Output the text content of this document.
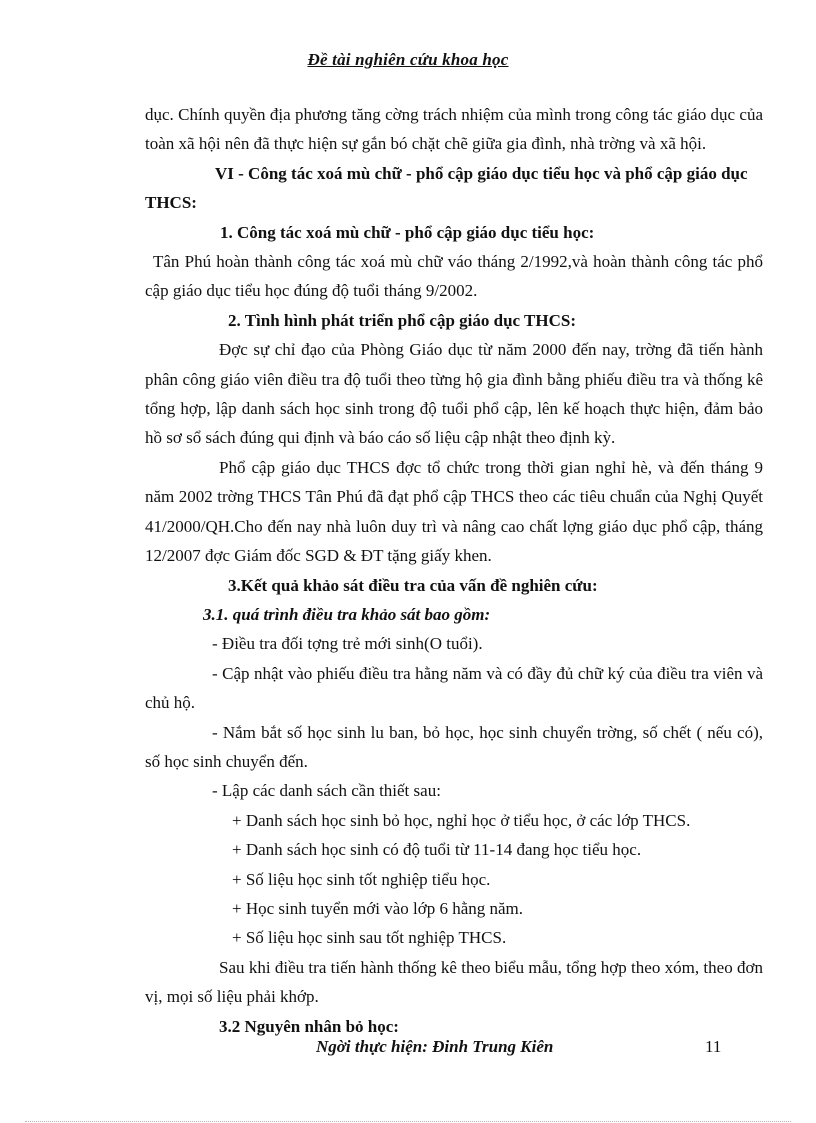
Đề tài nghiên cứu khoa học

dục. Chính quyền địa phương tăng cờng trách nhiệm của mình trong công tác giáo dục của toàn xã hội nên đã thực hiện sự gắn bó chặt chẽ giữa gia đình, nhà trờng và xã hội.

VI - Công tác xoá mù chữ - phổ cập giáo dục tiểu học và phổ cập giáo dục THCS:

1. Công tác xoá mù chữ - phổ cập giáo dục tiểu học:

Tân Phú hoàn thành công tác xoá mù chữ váo tháng 2/1992,và hoàn thành công tác phổ cập giáo dục tiểu học đúng độ tuổi tháng 9/2002.

2. Tình hình phát triển phổ cập giáo dục THCS:

Đợc sự chỉ đạo của Phòng Giáo dục từ năm 2000 đến nay, trờng đã tiến hành phân công giáo viên điều tra độ tuổi theo từng hộ gia đình bằng phiếu điều tra và thống kê tổng hợp, lập danh sách học sinh trong độ tuổi phổ cập, lên kế hoạch thực hiện, đảm bảo hồ sơ sổ sách đúng qui định và báo cáo số liệu cập nhật theo định kỳ.

Phổ cập giáo dục THCS đợc tổ chức trong thời gian nghỉ hè, và đến tháng 9 năm 2002 trờng THCS Tân Phú đã đạt phổ cập THCS theo các tiêu chuẩn của Nghị Quyết 41/2000/QH.Cho đến nay nhà luôn duy trì và nâng cao chất lợng giáo dục phổ cập, tháng 12/2007 đợc Giám đốc SGD & ĐT tặng giấy khen.

3.Kết quả khảo sát điều tra của vấn đề nghiên cứu:

3.1. quá trình điều tra khảo sát bao gồm:

- Điều tra đối tợng trẻ mới sinh(O tuổi).

- Cập nhật vào phiếu điều tra hằng năm và có đầy đủ chữ ký của điều tra viên và chủ hộ.

- Nắm bắt số học sinh lu ban, bỏ học, học sinh chuyển trờng, số chết ( nếu có), số học sinh chuyển đến.

- Lập các danh sách cần thiết sau:

+ Danh sách học sinh bỏ học, nghỉ học ở tiểu học, ở các lớp THCS.

+ Danh sách học sinh có độ tuổi từ 11-14 đang học tiểu học.

+ Số liệu học sinh tốt nghiệp tiểu học.

+ Học sinh tuyển mới vào lớp 6 hằng năm.

+ Số liệu học sinh sau tốt nghiệp THCS.

Sau khi điều tra tiến hành thống kê theo biểu mẫu, tổng hợp theo xóm, theo đơn vị, mọi số liệu phải khớp.

3.2 Nguyên nhân bỏ học:

Ngời thực hiện: Đinh Trung Kiên	11
